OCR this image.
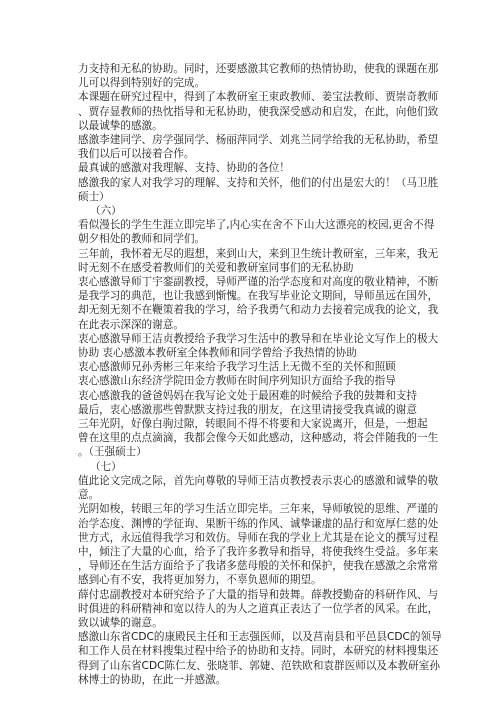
力支持和无私的协助。同时，还要感激其它教师的热情协助，使我的课题在那
儿可以得到特别好的完成。
本课题在研究过程中，得到了本教研室王束政教师、姜宝法教师、贾崇奇教师
、贾存显教师的热忱指导和无私协助，使我深受感动和启发，在此，向他们致
以最诚挚的感激。
感激李建同学、房学强同学、杨丽萍同学、刘兆兰同学给我的无私协助，希望
我们以后可以接着合作。
最真诚的感激对我理解、支持、协助的各位！
感激我的家人对我学习的理解、支持和关怀，他们的付出是宏大的！（马卫胜
硕士）
（六）
看似漫长的学生生涯立即完毕了,内心实在舍不下山大这漂亮的校园,更舍不得
朝夕相处的教师和同学们。
三年前，我怀着无尽的遐想，来到山大，来到卫生统计教研室，三年来，我无
时无刻不在感受着教师们的关爱和教研室同事们的无私协助
衷心感激导师丁宇銮副教授，导师严谨的治学态度和对高度的敬业精神，不断
是我学习的典范，也让我感到惭愧。在我写毕业论文期间，导师虽远在国外，
却无刻无刻不在鞭策着我的学习，给予我勇气和动力去接着完成我的论文，我
在此表示深深的谢意。
衷心感激导师王洁贞教授给予我学习生活中的教导和在毕业论文写作上的极大
协助 衷心感激本教研室全体教师和同学曾给予我热情的协助
衷心感激师兄孙秀彬三年来给予我学习生活上无微不至的关怀和照顾
衷心感激山东经济学院田金方教师在时间序列知识方面给予我的指导
衷心感激我的爸爸妈妈在我写论文处于最困难的时候给予我的鼓舞和支持
最后，衷心感激那些曾默默支持过我的朋友，在这里请接受我真诚的谢意
三年光阴，好像白驹过隙，转眼间不得不将要和大家说离开，但是，一想起
曾在这里的点点滴滴，我都会像今天如此感动，这种感动，将会伴随我的一生
。（王强硕士）
（七）
值此论文完成之际，首先向尊敬的导师王洁贞教授表示衷心的感激和诚挚的敬
意。
光阴如梭，转眼三年的学习生活立即完毕。三年来，导师敏锐的思维、严谨的
治学态度、渊博的学征询、果断干练的作风、诚挚谦虚的品行和宽厚仁慈的处
世方式，永远值得我学习和效仿。导师在我的学业上尤其是在论文的撰写过程
中，倾注了大量的心血，给予了我许多教导和指导，将使我终生受益。多年来
，导师还在生活方面给予了我诸多慈母般的关怀和保护，使我在感激之余常常
感到心有不安，我将更加努力，不辜负恩师的期望。
薛付忠副教授对本研究给予了大量的指导和鼓舞。薛教授勤奋的科研作风、与
时俱进的科研精神和宽以待人的为人之道真正表达了一位学者的风采。在此，
致以诚挚的谢意。
感激山东省CDC的康殿民主任和王志强医师，以及莒南县和平邑县CDC的领导
和工作人员在材料搜集过程中给予的协助和支持。同时，本研究的材料搜集还
得到了山东省CDC陈仁友、张晓菲、郭婕、范铁欧和袁群医师以及本教研室孙
林博士的协助，在此一并感激。
